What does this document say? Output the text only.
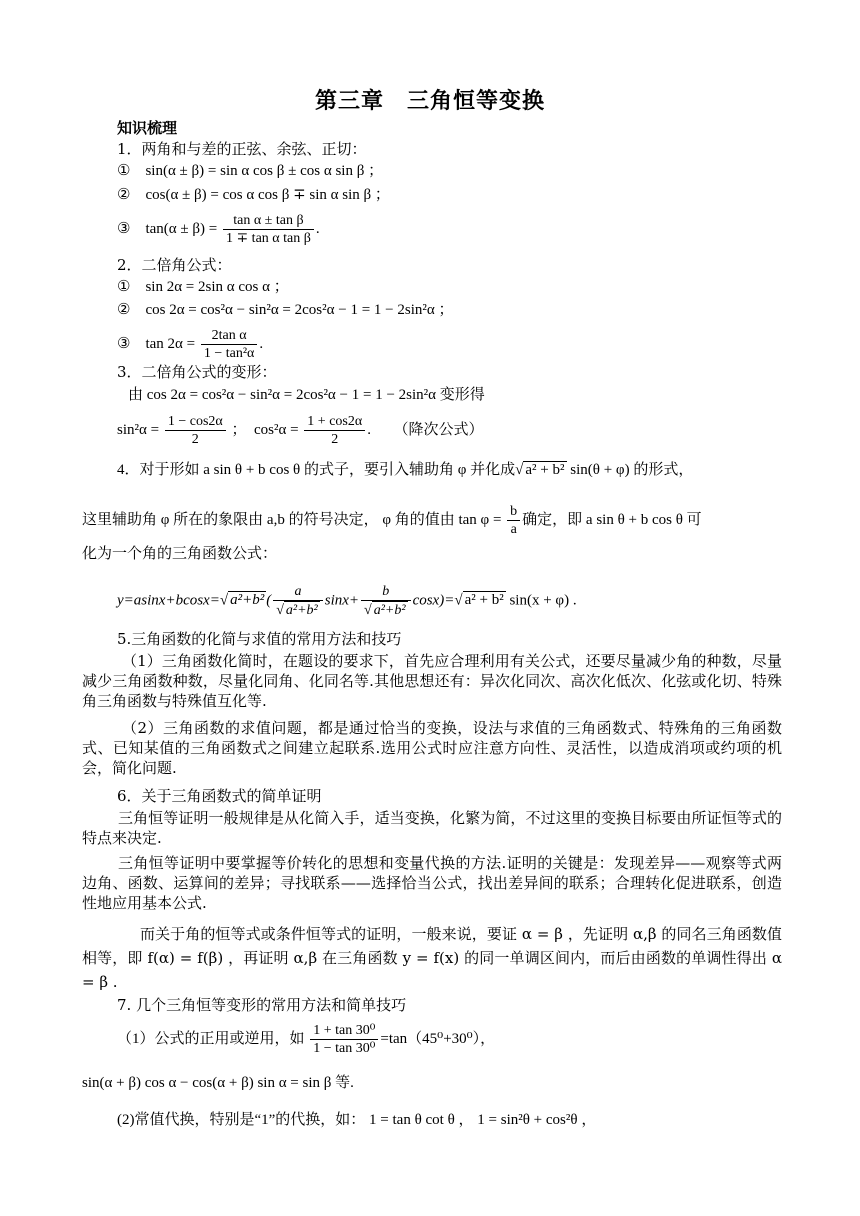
第三章　三角恒等变换
知识梳理
1．两角和与差的正弦、余弦、正切：
①　sin(α ± β) = sin α cos β ± cos α sin β ；
②　cos(α ± β) = cos α cos β ∓ sin α sin β ；
③　$\tan(\alpha \pm \beta) = \frac{\text{tan α ± tan β}}{\text{1 ∓ tan α tan β}}$ .
2．二倍角公式：
①　sin 2α = 2sin α cos α ；
②　cos 2α = cos²α − sin²α = 2cos²α − 1 = 1 − 2sin²α ；
③　$\tan 2\alpha = \frac{\text{2tan α}}{\text{1 − tan²α}}$ .
3．二倍角公式的变形：
由 cos 2α = cos²α − sin²α = 2cos²α − 1 = 1 − 2sin²α 变形得
$\sin^2\alpha = \frac{1 - \cos 2\alpha}{2}$ ；　$\cos^2\alpha = \frac{1 + \cos 2\alpha}{2}$ .　　（降次公式）
4．对于形如 a sin θ + b cos θ 的式子，要引入辅助角 φ 并化成√ a² + b² sin(θ + φ) 的形式，
这里辅助角 φ 所在的象限由 a,b 的符号决定， φ 角的值由 $\tan \varphi = \frac{b}{a}$ 确定，即 a sin θ + b cos θ 可
化为一个角的三角函数公式：
y=asinx+bcosx=√ a²+b² ( $\frac{a}{\text{√ a²+b²}} \sin x+ \frac{b}{\text{√ a²+b²}} \cos x)=√$ a² + b² sin(x + φ) .
5.三角函数的化简与求值的常用方法和技巧
（1）三角函数化简时，在题设的要求下，首先应合理利用有关公式，还要尽量减少角的种数，尽量减少三角函数种数，尽量化同角、化同名等.其他思想还有：异次化同次、高次化低次、化弦或化切、特殊角三角函数与特殊值互化等.
（2）三角函数的求值问题，都是通过恰当的变换，设法与求值的三角函数式、特殊角的三角函数式、已知某值的三角函数式之间建立起联系.选用公式时应注意方向性、灵活性，以造成消项或约项的机会，简化问题.
6．关于三角函数式的简单证明
三角恒等证明一般规律是从化简入手，适当变换，化繁为简，不过这里的变换目标要由所证恒等式的特点来决定.
三角恒等证明中要掌握等价转化的思想和变量代换的方法.证明的关键是：发现差异——观察等式两边角、函数、运算间的差异；寻找联系——选择恰当公式，找出差异间的联系；合理转化促进联系，创造性地应用基本公式.
而关于角的恒等式或条件恒等式的证明，一般来说，要证 α = β ，先证明 α,β 的同名三角函数值相等，即 f(α) = f(β) ，再证明 α,β 在三角函数 y = f(x) 的同一单调区间内，而后由函数的单调性得出 α = β .
7. 几个三角恒等变形的常用方法和简单技巧
（1）公式的正用或逆用，如 $\frac{\text{1 + tan 30⁰}}{\text{1 − tan 30⁰}} =\tan(45^0+30^0)$，
sin(α + β) cos α − cos(α + β) sin α = sin β 等.
(2)常值代换，特别是“1”的代换，如： 1 = tan θ cot θ ， 1 = sin²θ + cos²θ ，
